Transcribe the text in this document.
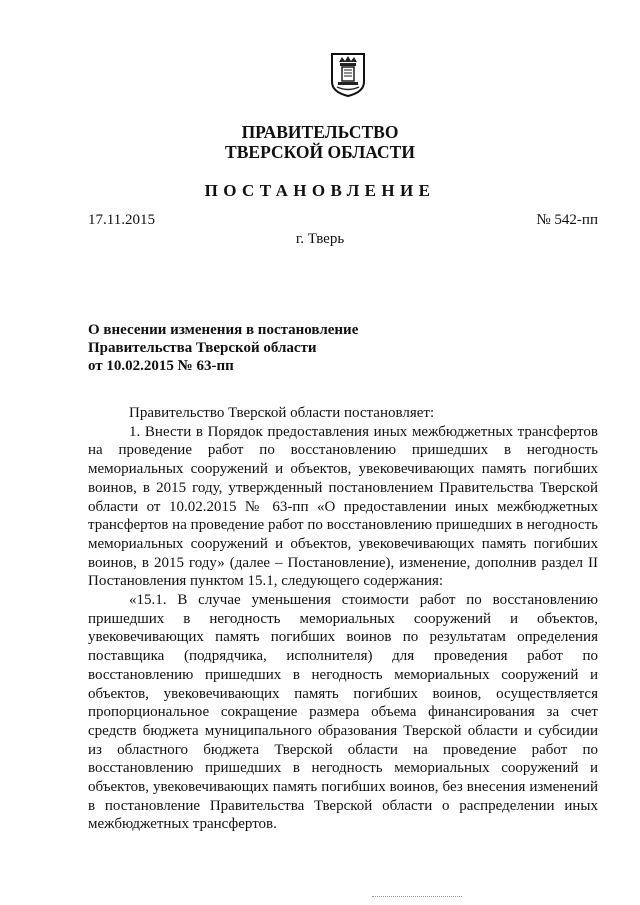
ПРАВИТЕЛЬСТВО
ТВЕРСКОЙ ОБЛАСТИ
ПОСТАНОВЛЕНИЕ
17.11.2015	№ 542-пп
г. Тверь
О внесении изменения в постановление
Правительства Тверской области
от 10.02.2015 № 63-пп

Правительство Тверской области постановляет:

1. Внести в Порядок предоставления иных межбюджетных трансфертов на проведение работ по восстановлению пришедших в негодность мемориальных сооружений и объектов, увековечивающих память погибших воинов, в 2015 году, утвержденный постановлением Правительства Тверской области от 10.02.2015 № 63-пп «О предоставлении иных межбюджетных трансфертов на проведение работ по восстановлению пришедших в негодность мемориальных сооружений и объектов, увековечивающих память погибших воинов, в 2015 году» (далее – Постановление), изменение, дополнив раздел II Постановления пунктом 15.1, следующего содержания:

«15.1. В случае уменьшения стоимости работ по восстановлению пришедших в негодность мемориальных сооружений и объектов, увековечивающих память погибших воинов по результатам определения поставщика (подрядчика, исполнителя) для проведения работ по восстановлению пришедших в негодность мемориальных сооружений и объектов, увековечивающих память погибших воинов, осуществляется пропорциональное сокращение размера объема финансирования за счет средств бюджета муниципального образования Тверской области и субсидии из областного бюджета Тверской области на проведение работ по восстановлению пришедших в негодность мемориальных сооружений и объектов, увековечивающих память погибших воинов, без внесения изменений в постановление Правительства Тверской области о распределении иных межбюджетных трансфертов.
